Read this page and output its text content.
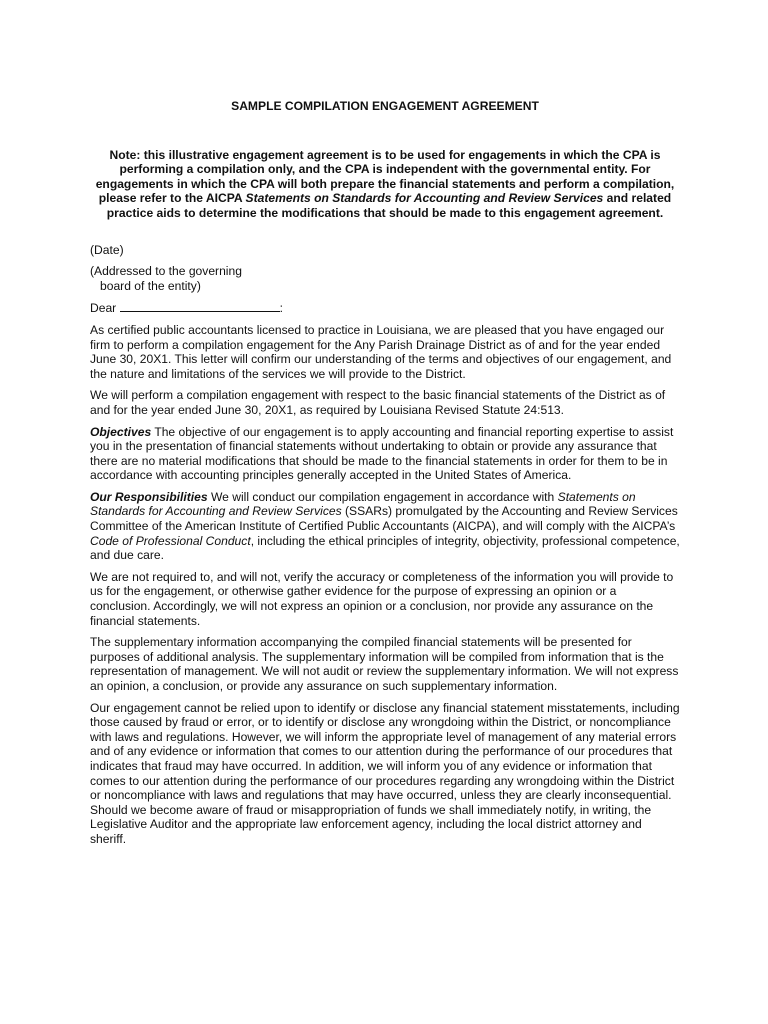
SAMPLE COMPILATION ENGAGEMENT AGREEMENT

Note: this illustrative engagement agreement is to be used for engagements in which the CPA is performing a compilation only, and the CPA is independent with the governmental entity. For engagements in which the CPA will both prepare the financial statements and perform a compilation, please refer to the AICPA Statements on Standards for Accounting and Review Services and related practice aids to determine the modifications that should be made to this engagement agreement.

(Date)

(Addressed to the governing
board of the entity)

Dear	:

As certified public accountants licensed to practice in Louisiana, we are pleased that you have engaged our firm to perform a compilation engagement for the Any Parish Drainage District as of and for the year ended June 30, 20X1. This letter will confirm our understanding of the terms and objectives of our engagement, and the nature and limitations of the services we will provide to the District.

We will perform a compilation engagement with respect to the basic financial statements of the District as of and for the year ended June 30, 20X1, as required by Louisiana Revised Statute 24:513.

Objectives The objective of our engagement is to apply accounting and financial reporting expertise to assist you in the presentation of financial statements without undertaking to obtain or provide any assurance that there are no material modifications that should be made to the financial statements in order for them to be in accordance with accounting principles generally accepted in the United States of America.

Our Responsibilities We will conduct our compilation engagement in accordance with Statements on Standards for Accounting and Review Services (SSARs) promulgated by the Accounting and Review Services Committee of the American Institute of Certified Public Accountants (AICPA), and will comply with the AICPA’s Code of Professional Conduct, including the ethical principles of integrity, objectivity, professional competence, and due care.

We are not required to, and will not, verify the accuracy or completeness of the information you will provide to us for the engagement, or otherwise gather evidence for the purpose of expressing an opinion or a conclusion. Accordingly, we will not express an opinion or a conclusion, nor provide any assurance on the financial statements.

The supplementary information accompanying the compiled financial statements will be presented for purposes of additional analysis. The supplementary information will be compiled from information that is the representation of management. We will not audit or review the supplementary information. We will not express an opinion, a conclusion, or provide any assurance on such supplementary information.

Our engagement cannot be relied upon to identify or disclose any financial statement misstatements, including those caused by fraud or error, or to identify or disclose any wrongdoing within the District, or noncompliance with laws and regulations. However, we will inform the appropriate level of management of any material errors and of any evidence or information that comes to our attention during the performance of our procedures that indicates that fraud may have occurred. In addition, we will inform you of any evidence or information that comes to our attention during the performance of our procedures regarding any wrongdoing within the District or noncompliance with laws and regulations that may have occurred, unless they are clearly inconsequential. Should we become aware of fraud or misappropriation of funds we shall immediately notify, in writing, the Legislative Auditor and the appropriate law enforcement agency, including the local district attorney and sheriff.
